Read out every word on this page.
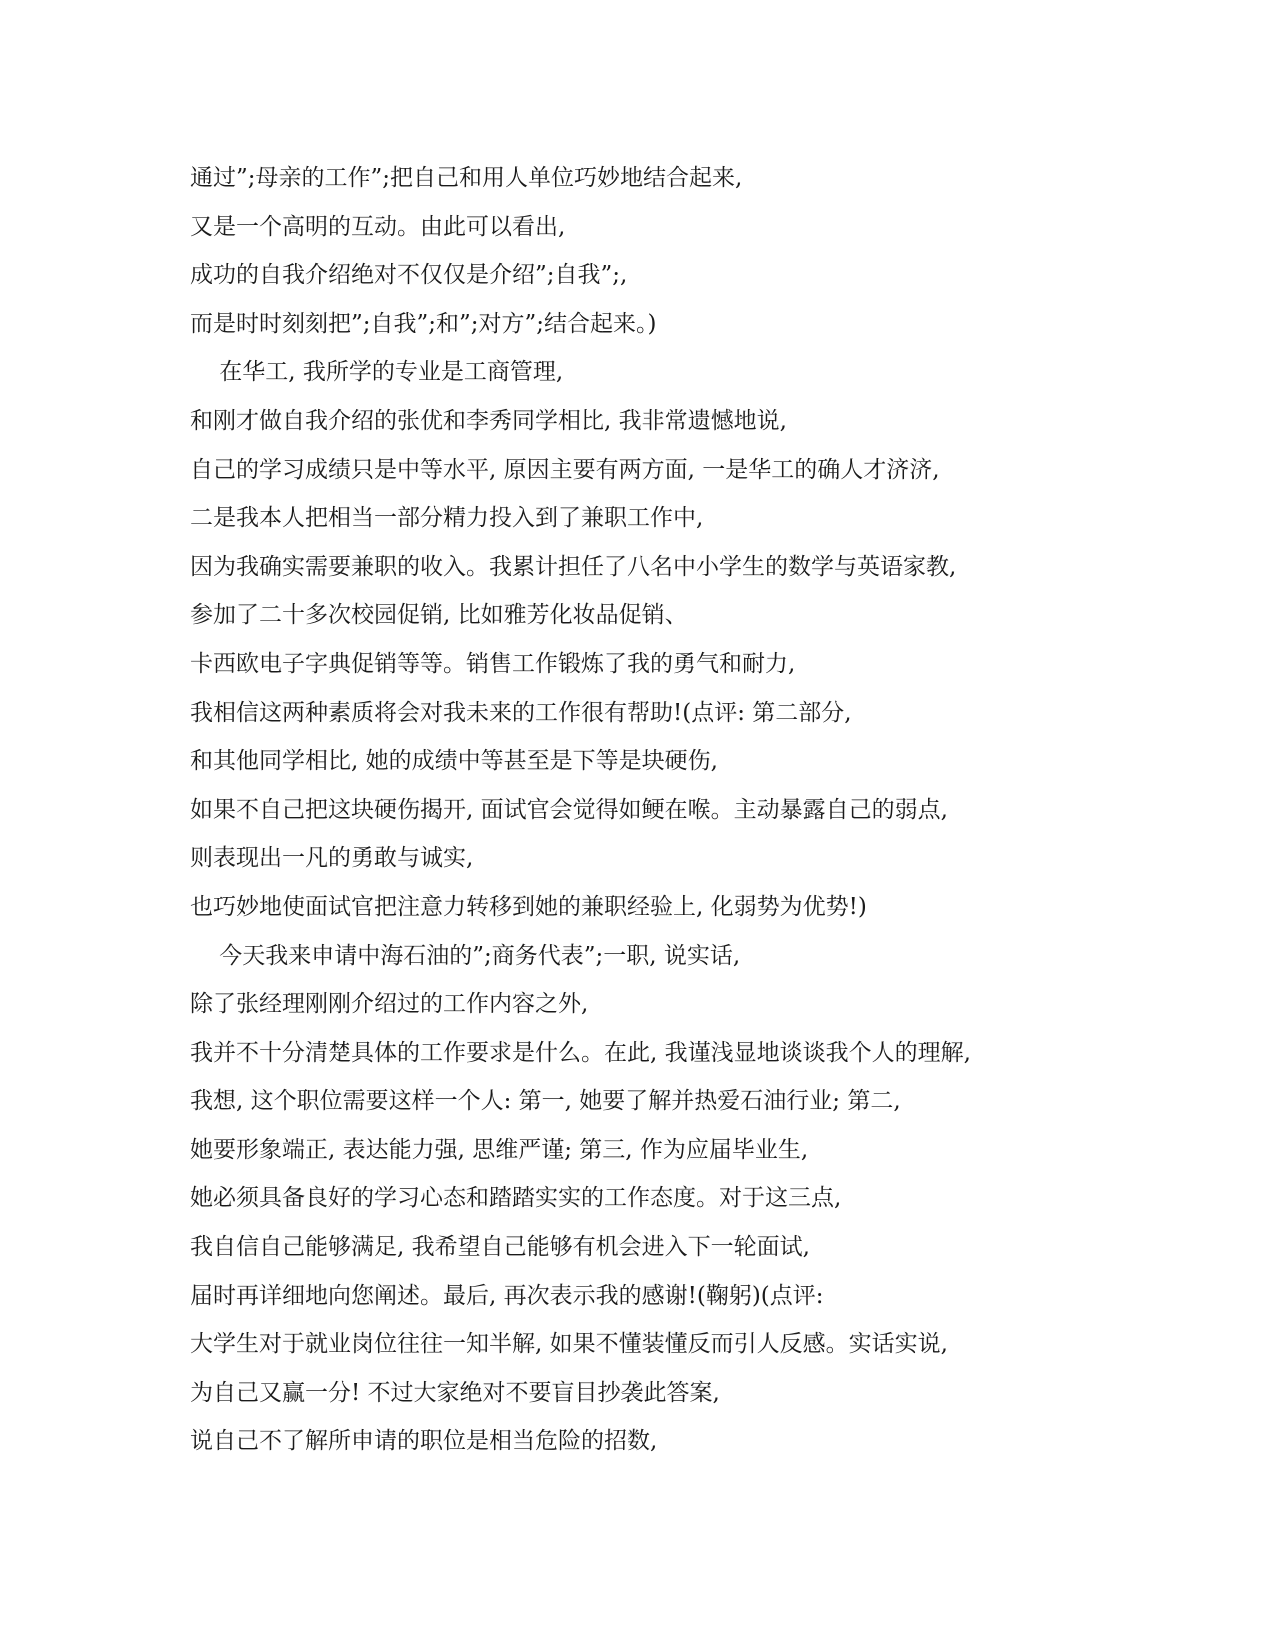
通过”;母亲的工作”;把自己和用人单位巧妙地结合起来,

又是一个高明的互动。由此可以看出,

成功的自我介绍绝对不仅仅是介绍”;自我”;,

而是时时刻刻把”;自我”;和”;对方”;结合起来。)

在华工, 我所学的专业是工商管理,

和刚才做自我介绍的张优和李秀同学相比, 我非常遗憾地说,

自己的学习成绩只是中等水平, 原因主要有两方面, 一是华工的确人才济济,

二是我本人把相当一部分精力投入到了兼职工作中,

因为我确实需要兼职的收入。我累计担任了八名中小学生的数学与英语家教,

参加了二十多次校园促销, 比如雅芳化妆品促销、

卡西欧电子字典促销等等。销售工作锻炼了我的勇气和耐力,

我相信这两种素质将会对我未来的工作很有帮助!(点评: 第二部分,

和其他同学相比, 她的成绩中等甚至是下等是块硬伤,

如果不自己把这块硬伤揭开, 面试官会觉得如鲠在喉。主动暴露自己的弱点,

则表现出一凡的勇敢与诚实,

也巧妙地使面试官把注意力转移到她的兼职经验上, 化弱势为优势!)

今天我来申请中海石油的”;商务代表”;一职, 说实话,

除了张经理刚刚介绍过的工作内容之外,

我并不十分清楚具体的工作要求是什么。在此, 我谨浅显地谈谈我个人的理解,

我想, 这个职位需要这样一个人: 第一, 她要了解并热爱石油行业; 第二,

她要形象端正, 表达能力强, 思维严谨; 第三, 作为应届毕业生,

她必须具备良好的学习心态和踏踏实实的工作态度。对于这三点,

我自信自己能够满足, 我希望自己能够有机会进入下一轮面试,

届时再详细地向您阐述。最后, 再次表示我的感谢!(鞠躬)(点评:

大学生对于就业岗位往往一知半解, 如果不懂装懂反而引人反感。实话实说,

为自己又赢一分! 不过大家绝对不要盲目抄袭此答案,

说自己不了解所申请的职位是相当危险的招数,
